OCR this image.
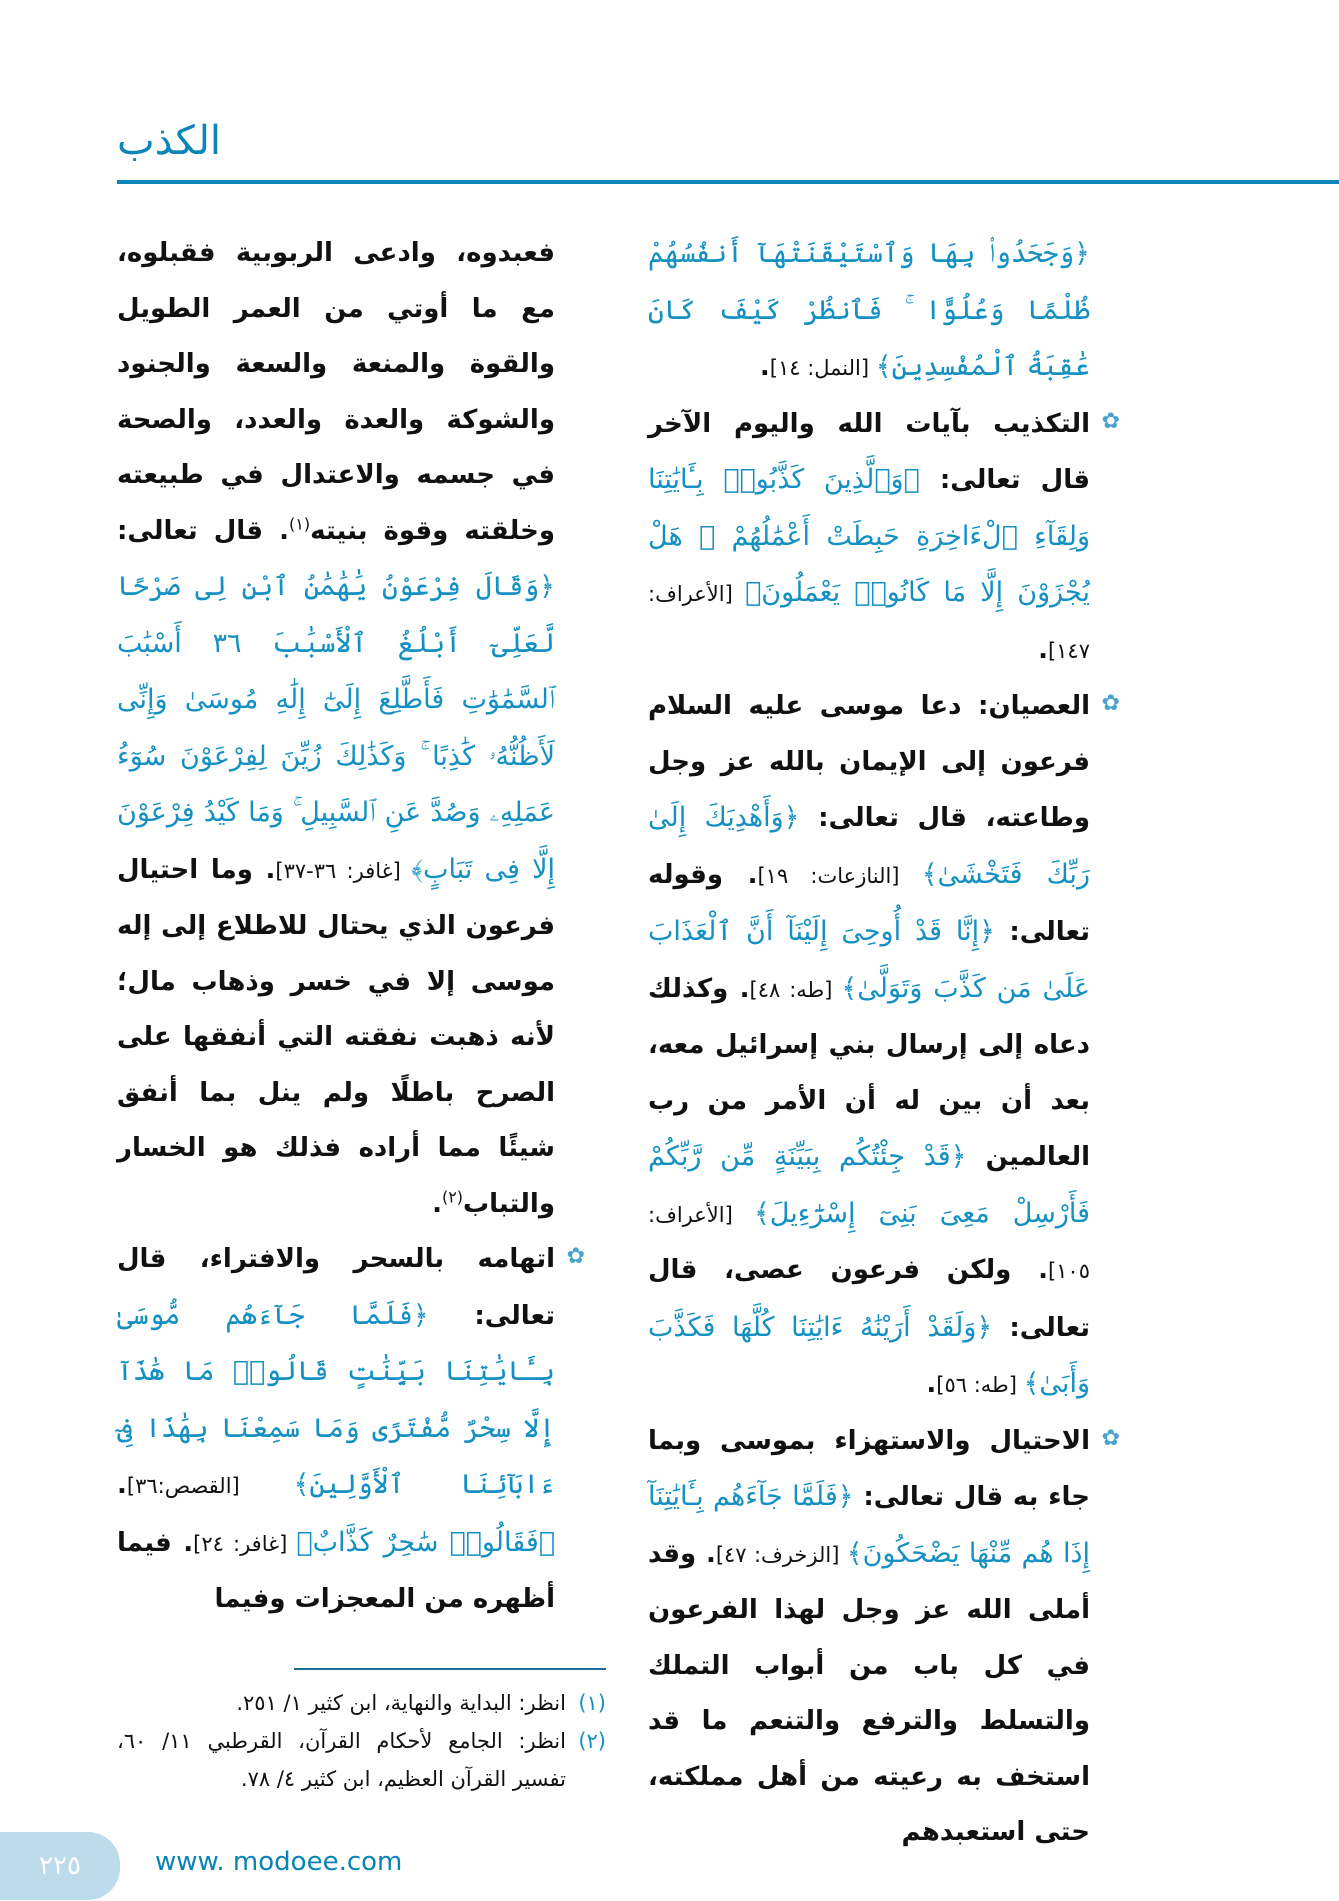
الكذب
﴿وَجَحَدُوا۟ بِهَا وَٱسْتَيْقَنَتْهَآ أَنفُسُهُمْ ظُلْمًا وَعُلُوًّا ۚ فَٱنظُرْ كَيْفَ كَانَ عَٰقِبَةُ ٱلْمُفْسِدِينَ﴾ [النمل: ١٤].
✿
التكذيب بآيات الله واليوم الآخر قال تعالى: ﴿وَٱلَّذِينَ كَذَّبُوا۟ بِـَٔايَٰتِنَا وَلِقَآءِ ٱلْءَاخِرَةِ حَبِطَتْ أَعْمَٰلُهُمْ ۚ هَلْ يُجْزَوْنَ إِلَّا مَا كَانُوا۟ يَعْمَلُونَ﴾ [الأعراف: ١٤٧].
✿
العصيان: دعا موسى عليه السلام فرعون إلى الإيمان بالله عز وجل وطاعته، قال تعالى: ﴿وَأَهْدِيَكَ إِلَىٰ رَبِّكَ فَتَخْشَىٰ﴾ [النازعات: ١٩]. وقوله تعالى: ﴿إِنَّا قَدْ أُوحِىَ إِلَيْنَآ أَنَّ ٱلْعَذَابَ عَلَىٰ مَن كَذَّبَ وَتَوَلَّىٰ﴾ [طه: ٤٨]. وكذلك دعاه إلى إرسال بني إسرائيل معه، بعد أن بين له أن الأمر من رب العالمين ﴿قَدْ جِئْتُكُم بِبَيِّنَةٍ مِّن رَّبِّكُمْ فَأَرْسِلْ مَعِىَ بَنِىٓ إِسْرَٰٓءِيلَ﴾ [الأعراف: ١٠٥]. ولكن فرعون عصى، قال تعالى: ﴿وَلَقَدْ أَرَيْنَٰهُ ءَايَٰتِنَا كُلَّهَا فَكَذَّبَ وَأَبَىٰ﴾ [طه: ٥٦].
✿
الاحتيال والاستهزاء بموسى وبما جاء به قال تعالى: ﴿فَلَمَّا جَآءَهُم بِـَٔايَٰتِنَآ إِذَا هُم مِّنْهَا يَضْحَكُونَ﴾ [الزخرف: ٤٧]. وقد أملى الله عز وجل لهذا الفرعون في كل باب من أبواب التملك والتسلط والترفع والتنعم ما قد استخف به رعيته من أهل مملكته، حتى استعبدهم
فعبدوه، وادعى الربوبية فقبلوه، مع ما أوتي من العمر الطويل والقوة والمنعة والسعة والجنود والشوكة والعدة والعدد، والصحة في جسمه والاعتدال في طبيعته وخلقته وقوة بنيته$^{(١)}$. قال تعالى: ﴿وَقَالَ فِرْعَوْنُ يَٰهَٰمَٰنُ ٱبْنِ لِى صَرْحًا لَّعَلِّىٓ أَبْلُغُ ٱلْأَسْبَٰبَ ٣٦ أَسْبَٰبَ ٱلسَّمَٰوَٰتِ فَأَطَّلِعَ إِلَىٰٓ إِلَٰهِ مُوسَىٰ وَإِنِّى لَأَظُنُّهُۥ كَٰذِبًا ۚ وَكَذَٰلِكَ زُيِّنَ لِفِرْعَوْنَ سُوٓءُ عَمَلِهِۦ وَصُدَّ عَنِ ٱلسَّبِيلِ ۚ وَمَا كَيْدُ فِرْعَوْنَ إِلَّا فِى تَبَابٍ﴾ [غافر: ٣٦-٣٧]. وما احتيال فرعون الذي يحتال للاطلاع إلى إله موسى إلا في خسر وذهاب مال؛ لأنه ذهبت نفقته التي أنفقها على الصرح باطلًا ولم ينل بما أنفق شيئًا مما أراده فذلك هو الخسار والتباب$^{(٢)}$.
✿
اتهامه بالسحر والافتراء، قال تعالى: ﴿فَلَمَّا جَآءَهُم مُّوسَىٰ بِـَٔايَٰتِنَا بَيِّنَٰتٍ قَالُوا۟ مَا هَٰذَآ إِلَّا سِحْرٌ مُّفْتَرًى وَمَا سَمِعْنَا بِهَٰذَا فِىٓ ءَابَآئِنَا ٱلْأَوَّلِينَ﴾ [القصص:٣٦]. ﴿فَقَالُوا۟ سَٰحِرٌ كَذَّابٌ﴾ [غافر: ٢٤]. فيما أظهره من المعجزات وفيما
(١)
انظر: البداية والنهاية، ابن كثير ١/ ٢٥١.
(٢)
انظر: الجامع لأحكام القرآن، القرطبي ١١/ ٦٠، تفسير القرآن العظيم، ابن كثير ٤/ ٧٨.
٢٢٥	www. modoee.com
